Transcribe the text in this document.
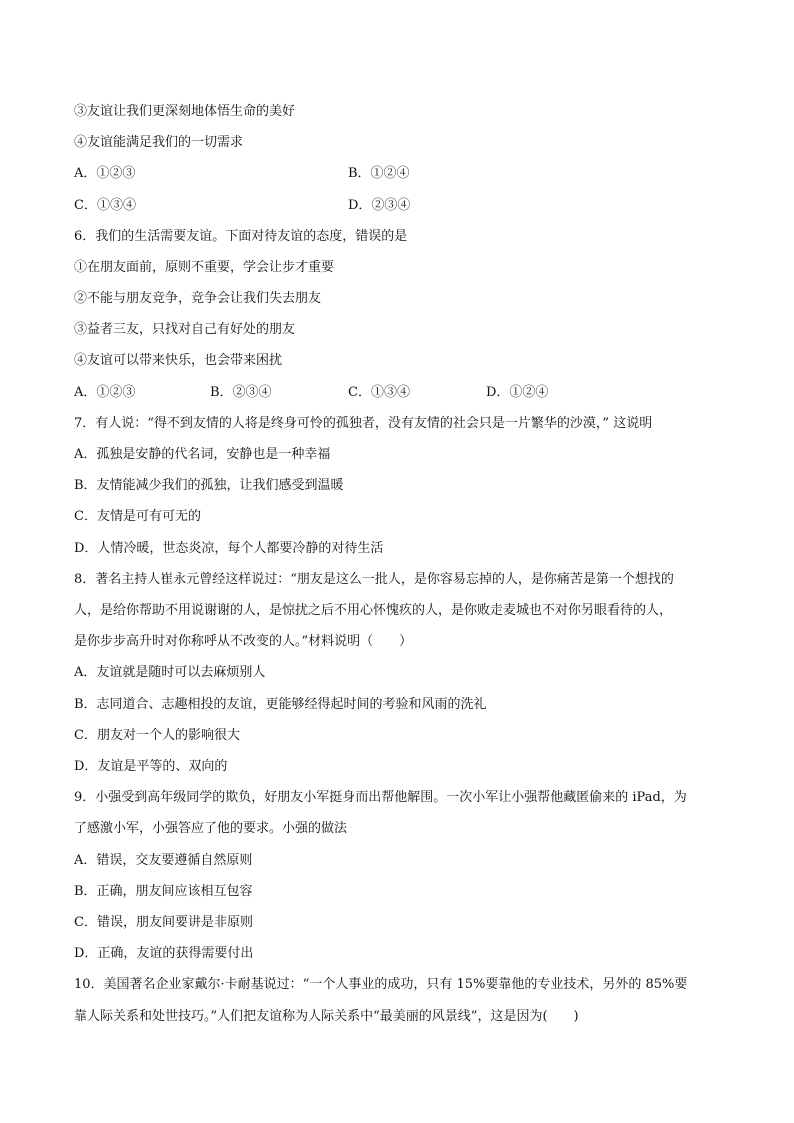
③友谊让我们更深刻地体悟生命的美好
④友谊能满足我们的一切需求
A．①②③	B．①②④
C．①③④	D．②③④
6．我们的生活需要友谊。下面对待友谊的态度，错误的是
①在朋友面前，原则不重要，学会让步才重要
②不能与朋友竞争，竞争会让我们失去朋友
③益者三友，只找对自己有好处的朋友
④友谊可以带来快乐，也会带来困扰
A．①②③	B．②③④	C．①③④	D．①②④
7．有人说：“得不到友情的人将是终身可怜的孤独者，没有友情的社会只是一片繁华的沙漠，” 这说明
A．孤独是安静的代名词，安静也是一种幸福
B．友情能减少我们的孤独，让我们感受到温暖
C．友情是可有可无的
D．人情冷暖，世态炎凉，每个人都要冷静的对待生活
8．著名主持人崔永元曾经这样说过：“朋友是这么一批人，是你容易忘掉的人，是你痛苦是第一个想找的
人，是给你帮助不用说谢谢的人，是惊扰之后不用心怀愧疚的人，是你败走麦城也不对你另眼看待的人，
是你步步高升时对你称呼从不改变的人。”材料说明（　　）
A．友谊就是随时可以去麻烦别人
B．志同道合、志趣相投的友谊，更能够经得起时间的考验和风雨的洗礼
C．朋友对一个人的影响很大
D．友谊是平等的、双向的
9．小强受到高年级同学的欺负，好朋友小军挺身而出帮他解围。一次小军让小强帮他藏匿偷来的 iPad，为
了感激小军，小强答应了他的要求。小强的做法
A．错误，交友要遵循自然原则
B．正确，朋友间应该相互包容
C．错误，朋友间要讲是非原则
D．正确，友谊的获得需要付出
10．美国著名企业家戴尔·卡耐基说过：“一个人事业的成功，只有 15%要靠他的专业技术，另外的 85%要
靠人际关系和处世技巧。”人们把友谊称为人际关系中“最美丽的风景线”，这是因为(　　)
